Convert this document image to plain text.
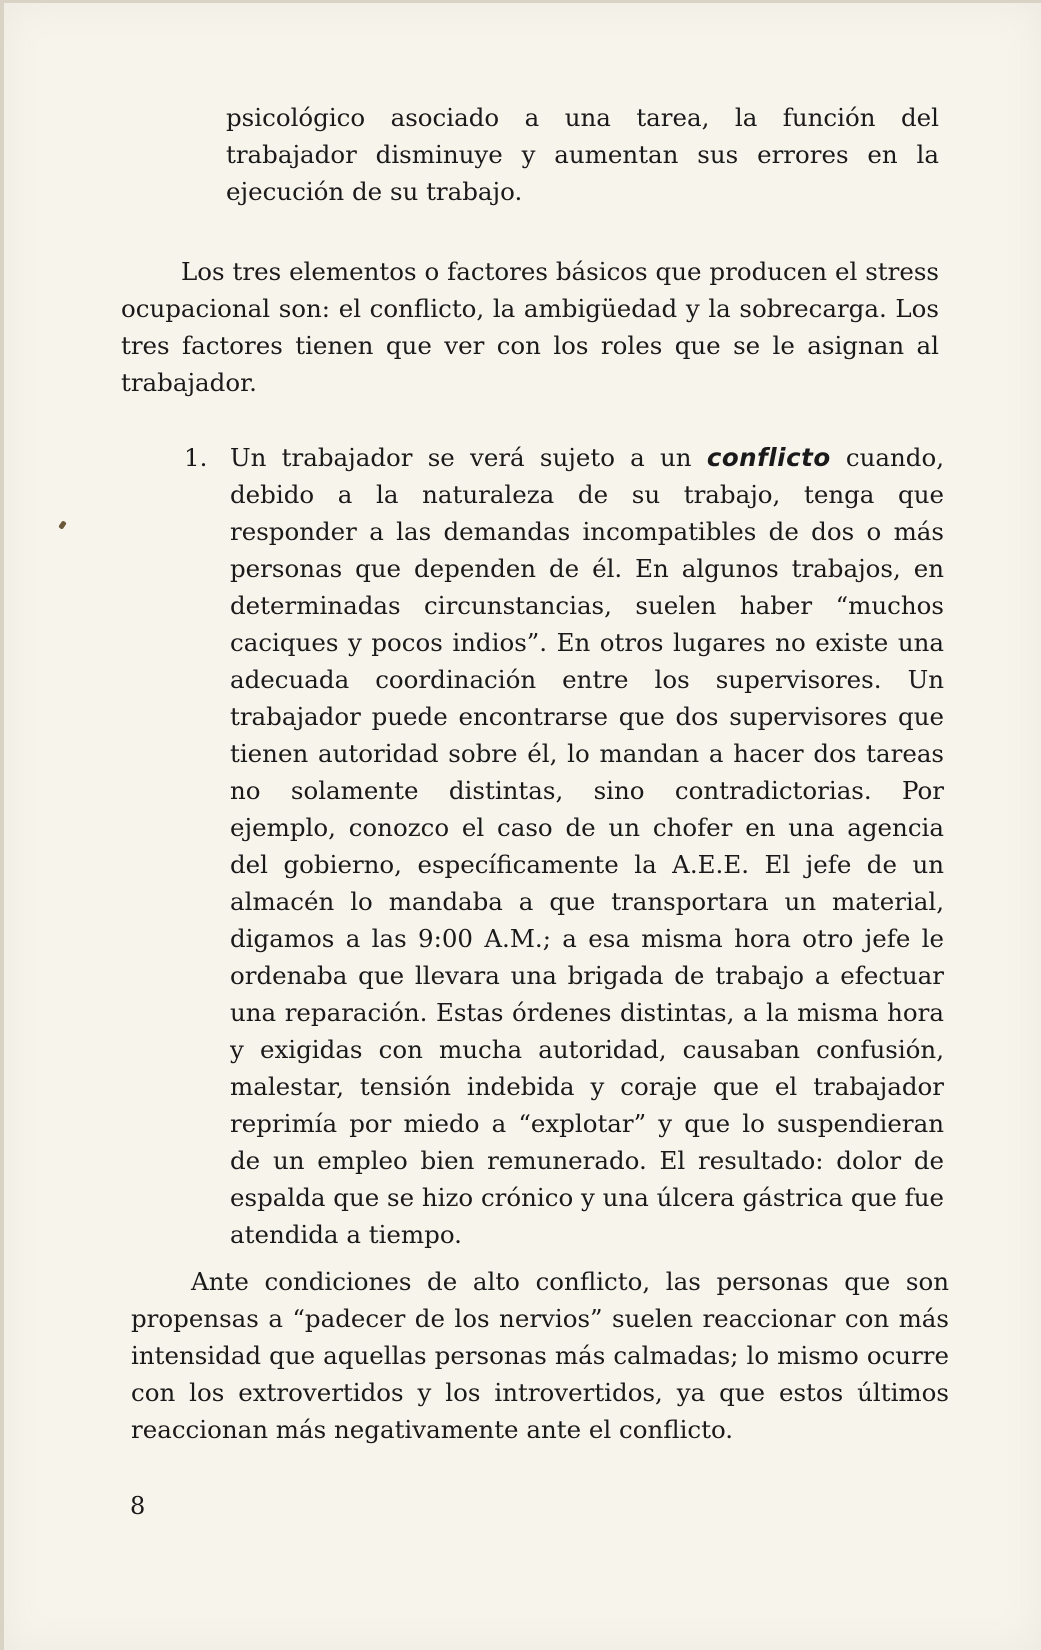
psicológico asociado a una tarea, la función del trabajador disminuye y aumentan sus errores en la ejecución de su trabajo.

Los tres elementos o factores básicos que producen el stress ocupacional son: el conflicto, la ambigüedad y la sobrecarga. Los tres factores tienen que ver con los roles que se le asignan al trabajador.

1. Un trabajador se verá sujeto a un conflicto cuando, debido a la naturaleza de su trabajo, tenga que responder a las demandas incompatibles de dos o más personas que dependen de él. En algunos trabajos, en determinadas circunstancias, suelen haber “muchos caciques y pocos indios”. En otros lugares no existe una adecuada coordinación entre los supervisores. Un trabajador puede encontrarse que dos supervisores que tienen autoridad sobre él, lo mandan a hacer dos tareas no solamente distintas, sino contradictorias. Por ejemplo, conozco el caso de un chofer en una agencia del gobierno, específicamente la A.E.E. El jefe de un almacén lo mandaba a que transportara un material, digamos a las 9:00 A.M.; a esa misma hora otro jefe le ordenaba que llevara una brigada de trabajo a efectuar una reparación. Estas órdenes distintas, a la misma hora y exigidas con mucha autoridad, causaban confusión, malestar, tensión indebida y coraje que el trabajador reprimía por miedo a “explotar” y que lo suspendieran de un empleo bien remunerado. El resultado: dolor de espalda que se hizo crónico y una úlcera gástrica que fue atendida a tiempo.

Ante condiciones de alto conflicto, las personas que son propensas a “padecer de los nervios” suelen reaccionar con más intensidad que aquellas personas más calmadas; lo mismo ocurre con los extrovertidos y los introvertidos, ya que estos últimos reaccionan más negativamente ante el conflicto.

8
